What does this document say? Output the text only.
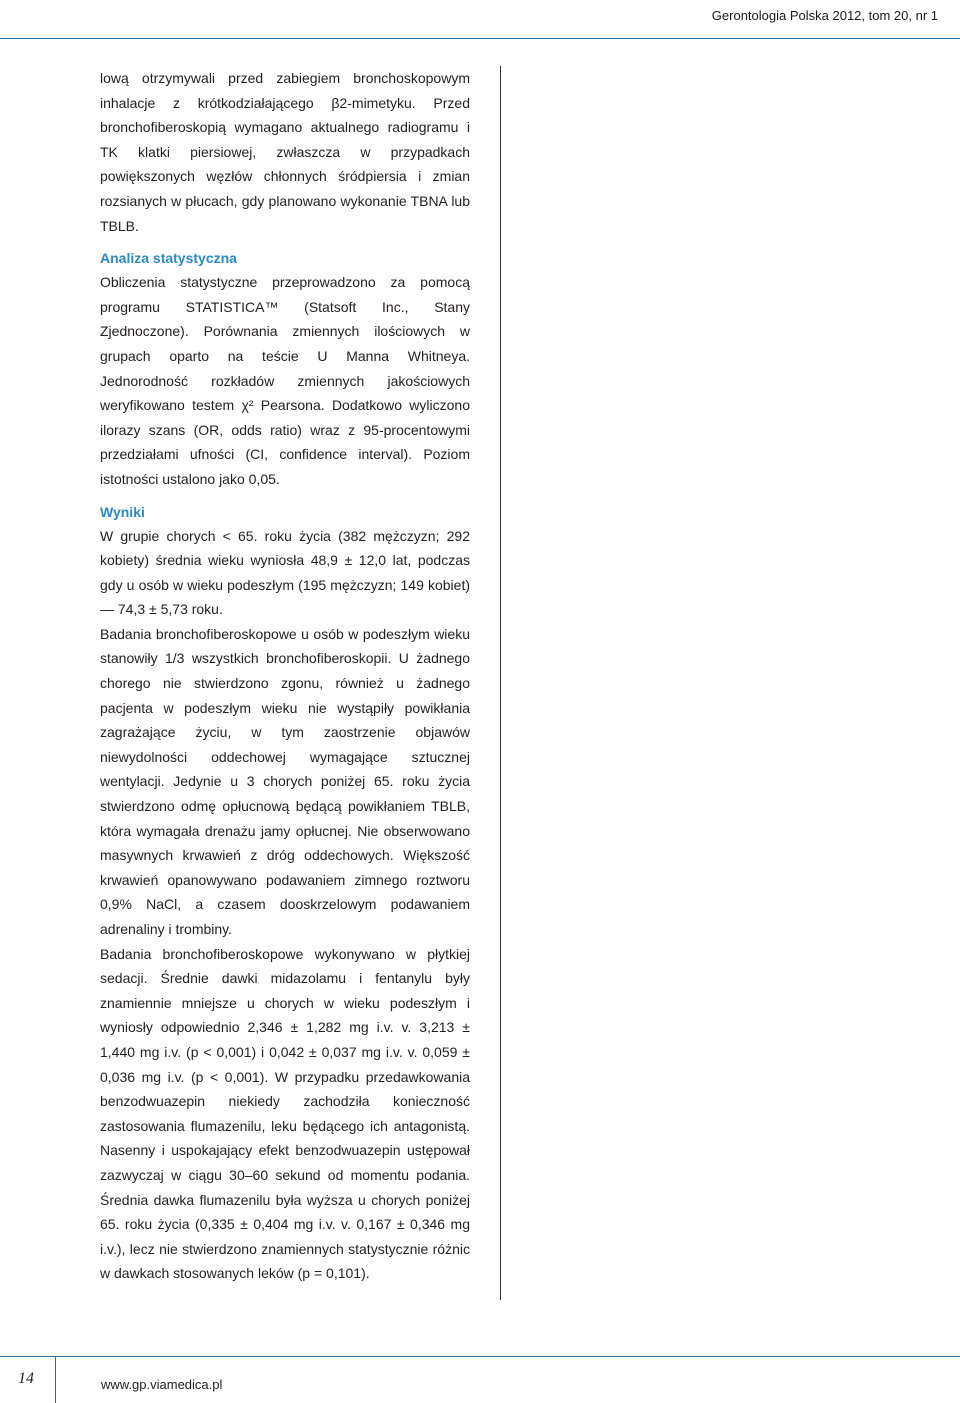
Gerontologia Polska 2012, tom 20, nr 1

lową otrzymywali przed zabiegiem bronchoskopowym inhalacje z krótkodziałającego β2-mimetyku. Przed bronchofiberoskopią wymagano aktualnego radiogramu i TK klatki piersiowej, zwłaszcza w przypadkach powiększonych węzłów chłonnych śródpiersia i zmian rozsianych w płucach, gdy planowano wykonanie TBNA lub TBLB.

Analiza statystyczna

Obliczenia statystyczne przeprowadzono za pomocą programu STATISTICA™ (Statsoft Inc., Stany Zjednoczone). Porównania zmiennych ilościowych w grupach oparto na teście U Manna Whitneya. Jednorodność rozkładów zmiennych jakościowych weryfikowano testem χ² Pearsona. Dodatkowo wyliczono ilorazy szans (OR, odds ratio) wraz z 95-procentowymi przedziałami ufności (CI, confidence interval). Poziom istotności ustalono jako 0,05.

Wyniki

W grupie chorych < 65. roku życia (382 mężczyzn; 292 kobiety) średnia wieku wyniosła 48,9 ± 12,0 lat, podczas gdy u osób w wieku podeszłym (195 mężczyzn; 149 kobiet) — 74,3 ± 5,73 roku.

Badania bronchofiberoskopowe u osób w podeszłym wieku stanowiły 1/3 wszystkich bronchofiberoskopii. U żadnego chorego nie stwierdzono zgonu, również u żadnego pacjenta w podeszłym wieku nie wystąpiły powikłania zagrażające życiu, w tym zaostrzenie objawów niewydolności oddechowej wymagające sztucznej wentylacji. Jedynie u 3 chorych poniżej 65. roku życia stwierdzono odmę opłucnową będącą powikłaniem TBLB, która wymagała drenażu jamy opłucnej. Nie obserwowano masywnych krwawień z dróg oddechowych. Większość krwawień opanowywano podawaniem zimnego roztworu 0,9% NaCl, a czasem dooskrzelowym podawaniem adrenaliny i trombiny.

Badania bronchofiberoskopowe wykonywano w płytkiej sedacji. Średnie dawki midazolamu i fentanylu były znamiennie mniejsze u chorych w wieku podeszłym i wyniosły odpowiednio 2,346 ± 1,282 mg i.v. v. 3,213 ± 1,440 mg i.v. (p < 0,001) i 0,042 ± 0,037 mg i.v. v. 0,059 ± 0,036 mg i.v. (p < 0,001). W przypadku przedawkowania benzodwuazepin niekiedy zachodziła konieczność zastosowania flumazenilu, leku będącego ich antagonistą. Nasenny i uspokajający efekt benzodwuazepin ustępował zazwyczaj w ciągu 30–60 sekund od momentu podania. Średnia dawka flumazenilu była wyższa u chorych poniżej 65. roku życia (0,335 ± 0,404 mg i.v. v. 0,167 ± 0,346 mg i.v.), lecz nie stwierdzono znamiennych statystycznie różnic w dawkach stosowanych leków (p = 0,101).

14	www.gp.viamedica.pl
